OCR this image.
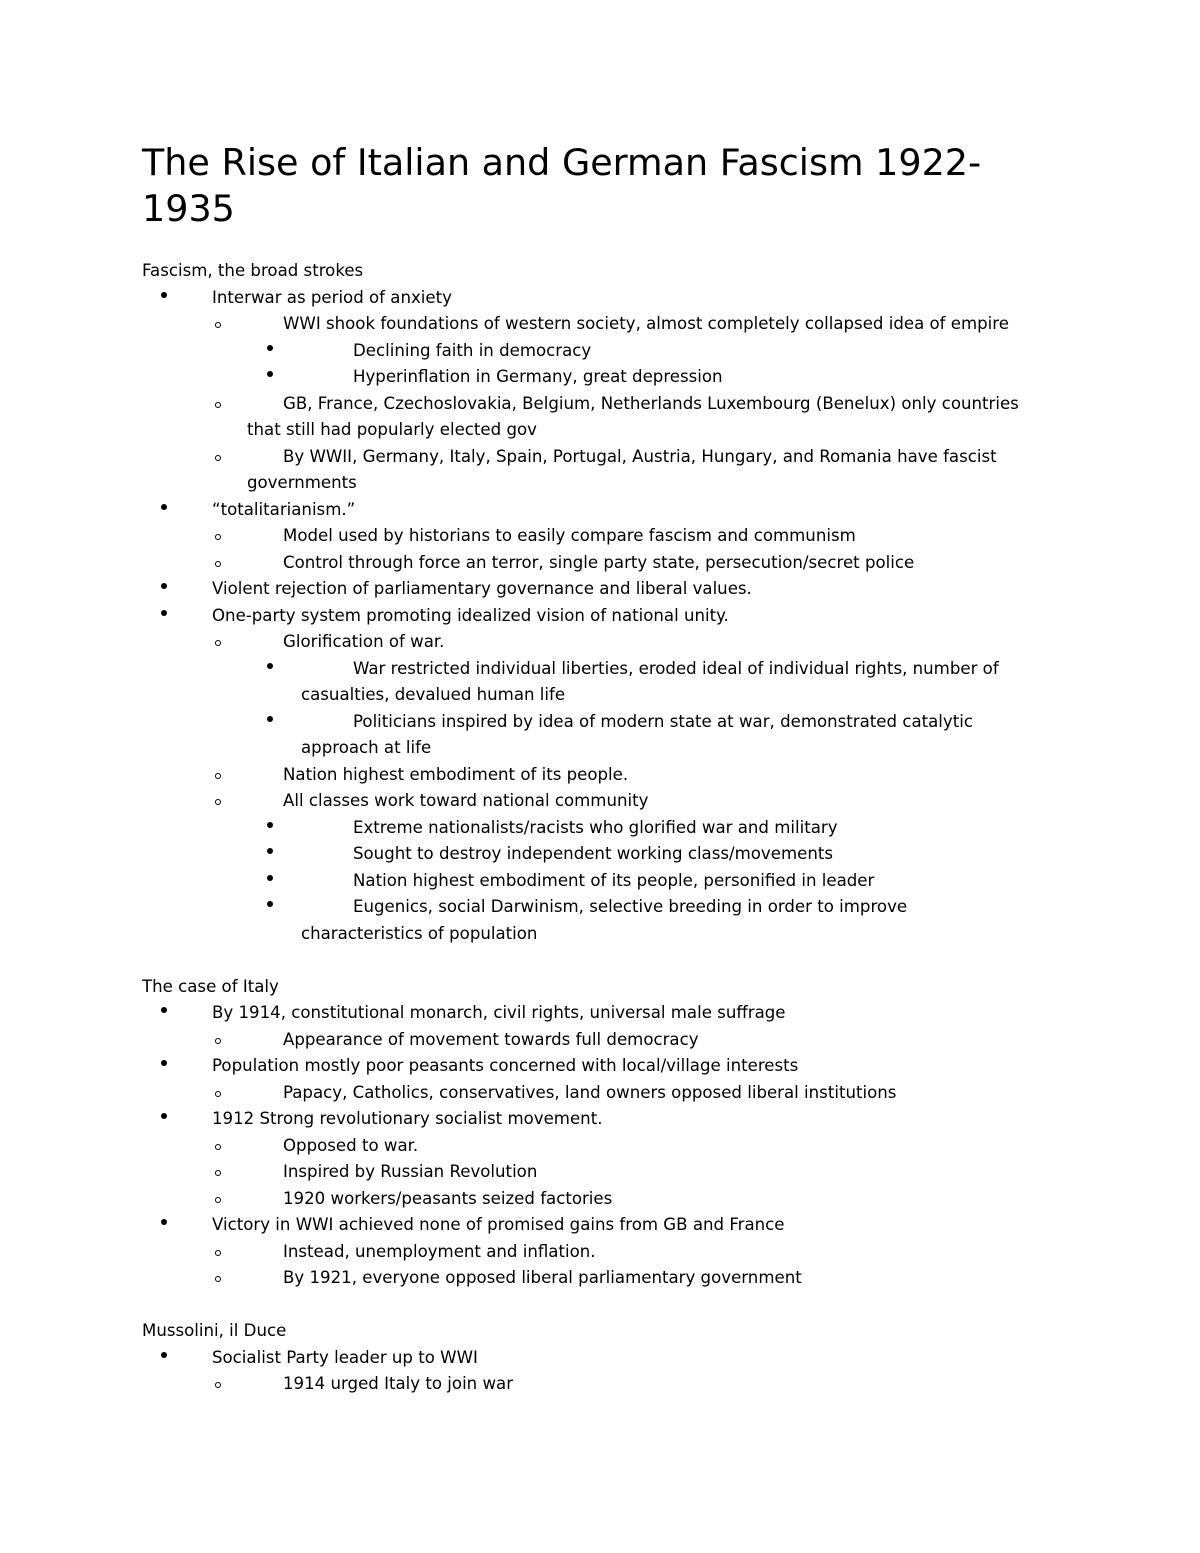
The Rise of Italian and German Fascism 1922-1935
Fascism, the broad strokes
Interwar as period of anxiety
WWI shook foundations of western society, almost completely collapsed idea of empire
Declining faith in democracy
Hyperinflation in Germany, great depression
GB, France, Czechoslovakia, Belgium, Netherlands Luxembourg (Benelux) only countries
that still had popularly elected gov
By WWII, Germany, Italy, Spain, Portugal, Austria, Hungary, and Romania have fascist
governments
“totalitarianism.”
Model used by historians to easily compare fascism and communism
Control through force an terror, single party state, persecution/secret police
Violent rejection of parliamentary governance and liberal values.
One-party system promoting idealized vision of national unity.
Glorification of war.
War restricted individual liberties, eroded ideal of individual rights, number of
casualties, devalued human life
Politicians inspired by idea of modern state at war, demonstrated catalytic
approach at life
Nation highest embodiment of its people.
All classes work toward national community
Extreme nationalists/racists who glorified war and military
Sought to destroy independent working class/movements
Nation highest embodiment of its people, personified in leader
Eugenics, social Darwinism, selective breeding in order to improve
characteristics of population
The case of Italy
By 1914, constitutional monarch, civil rights, universal male suffrage
Appearance of movement towards full democracy
Population mostly poor peasants concerned with local/village interests
Papacy, Catholics, conservatives, land owners opposed liberal institutions
1912 Strong revolutionary socialist movement.
Opposed to war.
Inspired by Russian Revolution
1920 workers/peasants seized factories
Victory in WWI achieved none of promised gains from GB and France
Instead, unemployment and inflation.
By 1921, everyone opposed liberal parliamentary government
Mussolini, il Duce
Socialist Party leader up to WWI
1914 urged Italy to join war
